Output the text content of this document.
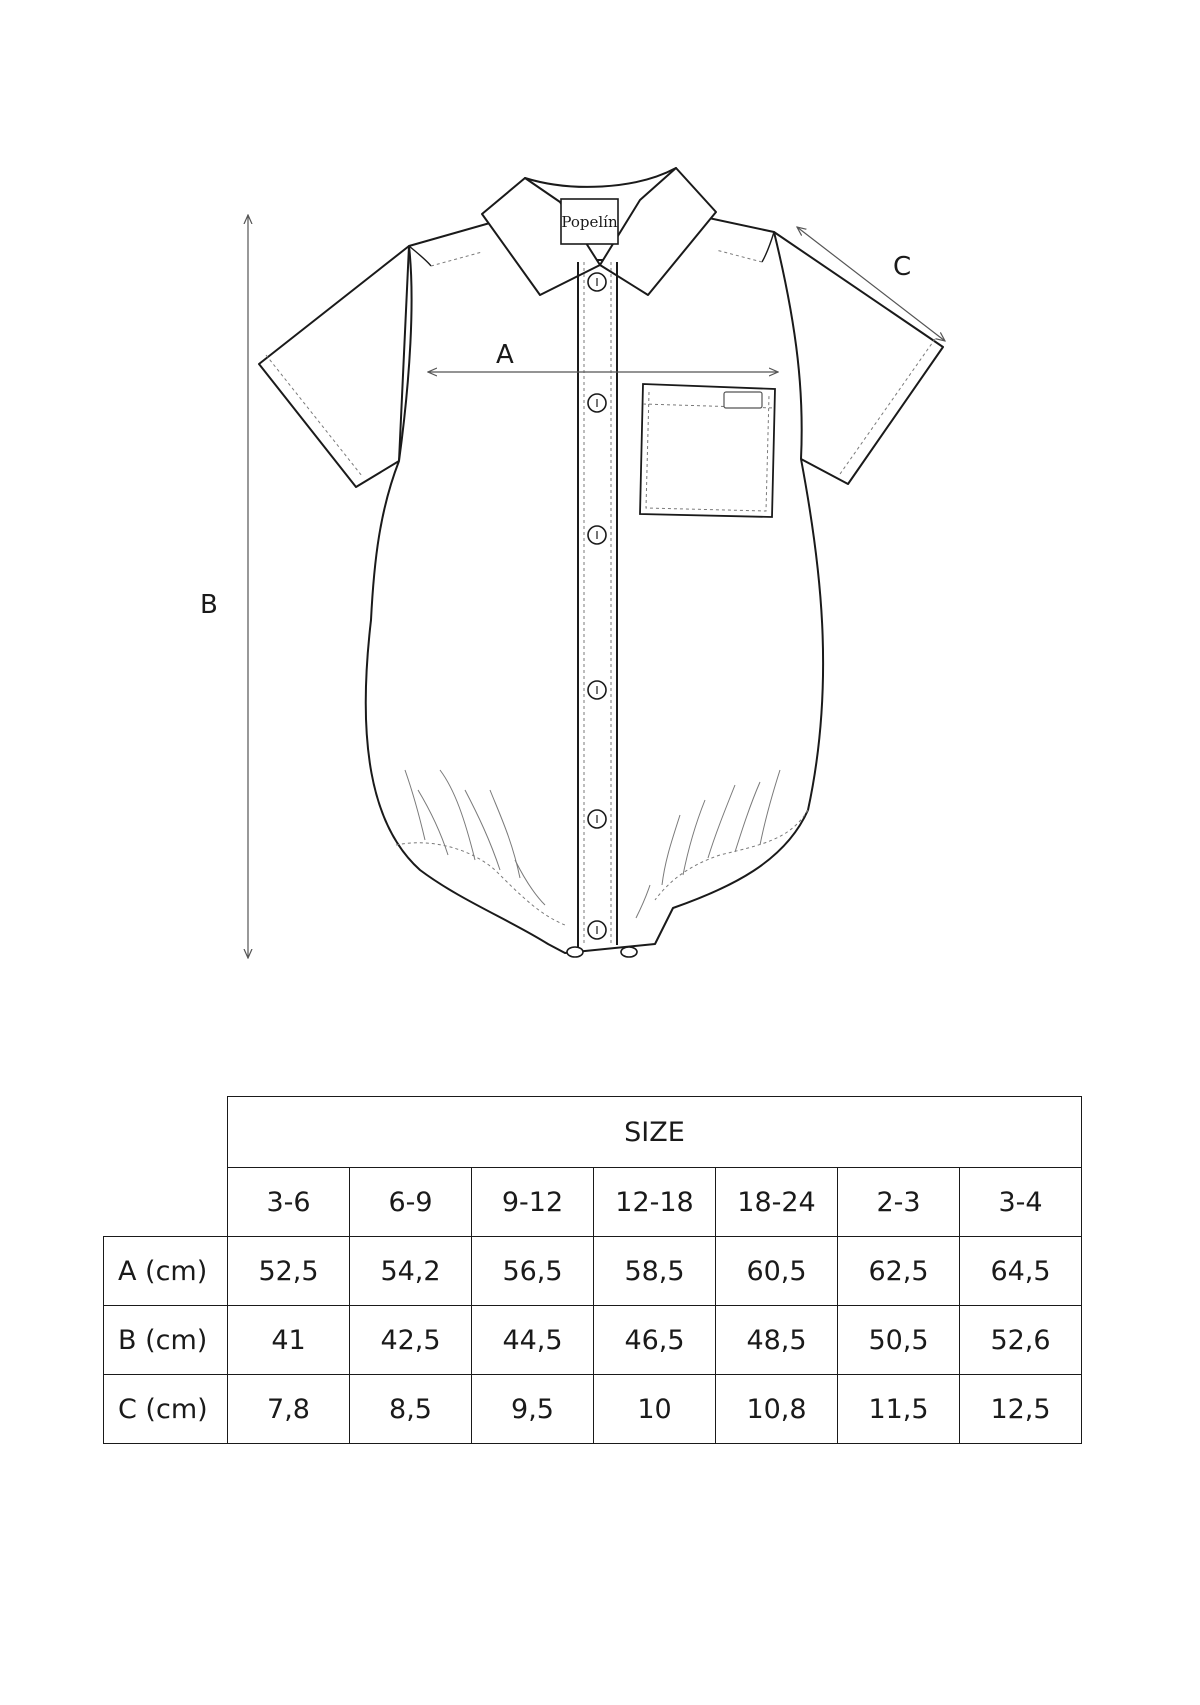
B
C
Popelín
A
	SIZE						
	3-6	6-9	9-12	12-18	18-24	2-3	3-4
A (cm)	52,5	54,2	56,5	58,5	60,5	62,5	64,5
B (cm)	41	42,5	44,5	46,5	48,5	50,5	52,6
C (cm)	7,8	8,5	9,5	10	10,8	11,5	12,5
